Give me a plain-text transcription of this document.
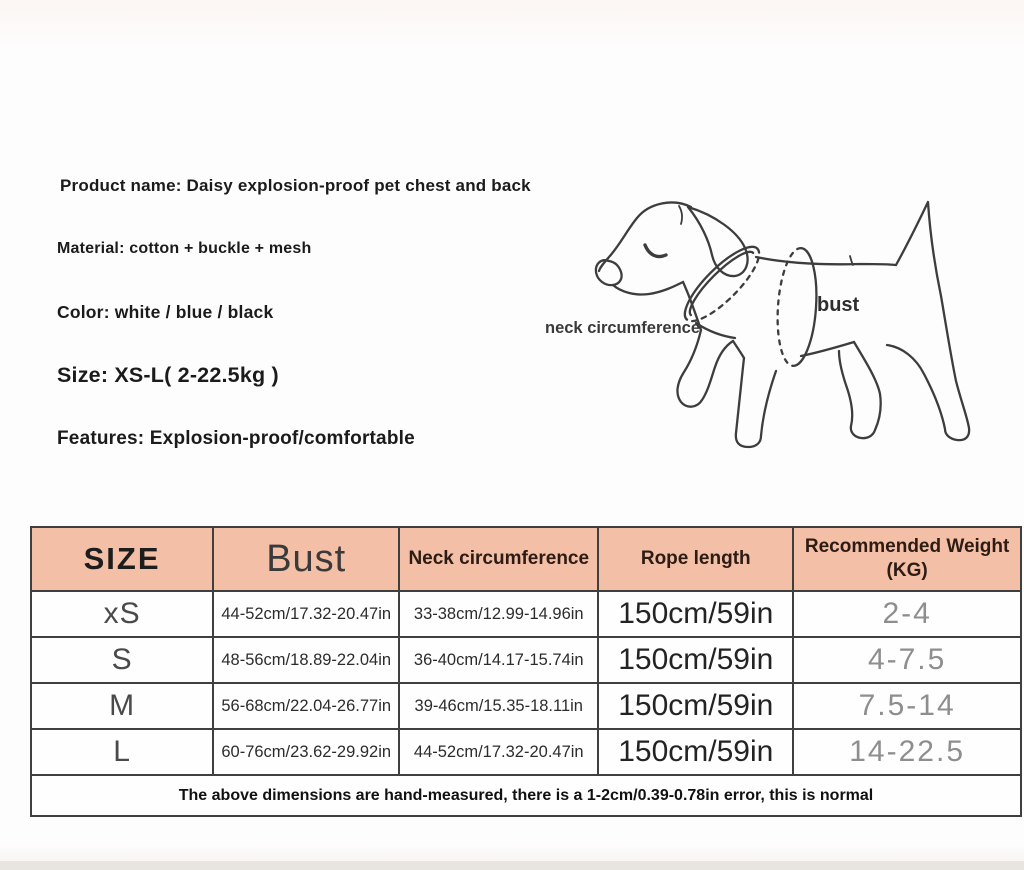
Product name: Daisy explosion-proof pet chest and back
Material: cotton + buckle + mesh
Color: white / blue / black
Size: XS-L( 2-22.5kg )
Features: Explosion-proof/comfortable
neck circumference
bust
SIZE	Bust	Neck circumference	Rope length	Recommended Weight
(KG)
xS	44-52cm/17.32-20.47in	33-38cm/12.99-14.96in	150cm/59in	2-4
S	48-56cm/18.89-22.04in	36-40cm/14.17-15.74in	150cm/59in	4-7.5
M	56-68cm/22.04-26.77in	39-46cm/15.35-18.11in	150cm/59in	7.5-14
L	60-76cm/23.62-29.92in	44-52cm/17.32-20.47in	150cm/59in	14-22.5
The above dimensions are hand-measured, there is a 1-2cm/0.39-0.78in error, this is normal				
